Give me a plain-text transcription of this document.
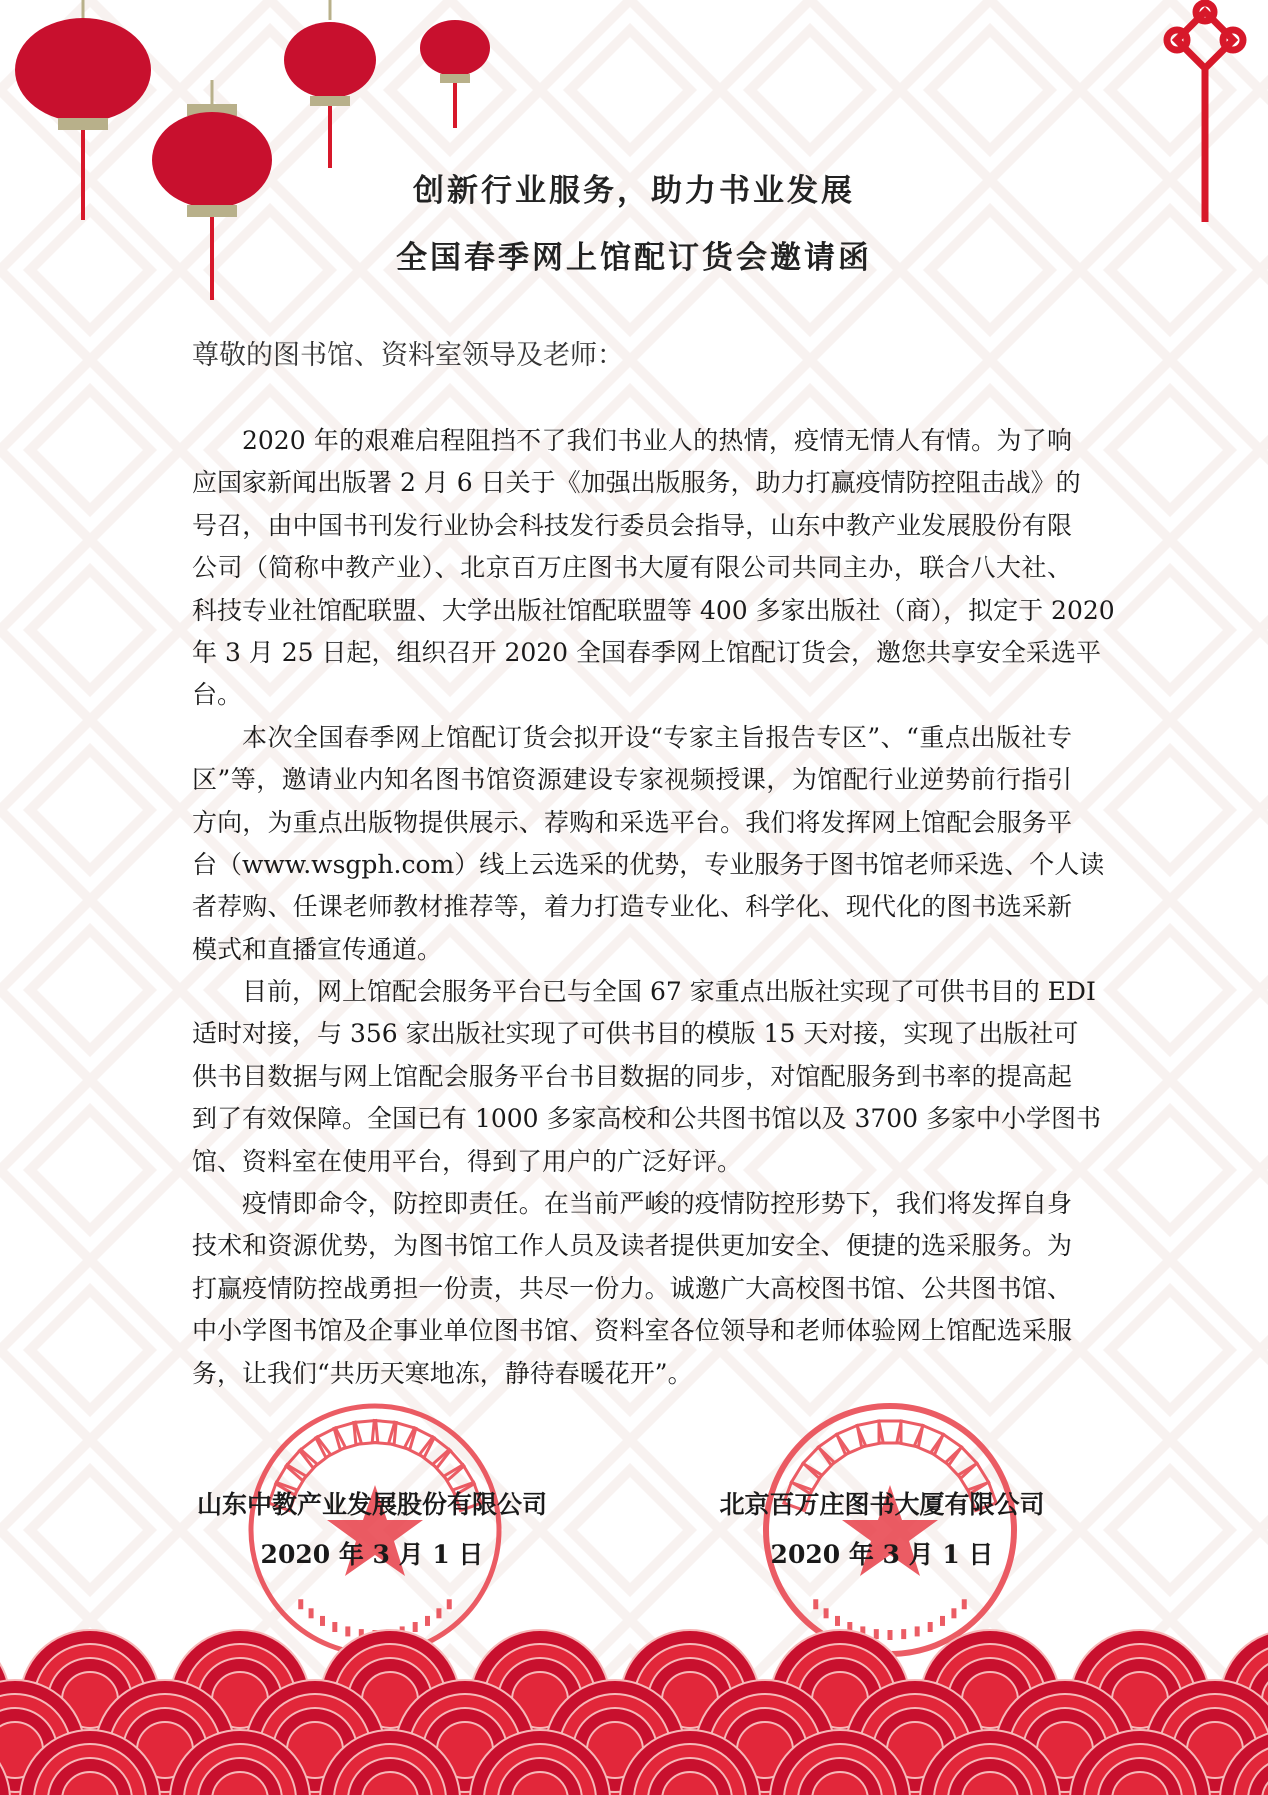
创新行业服务，助力书业发展
全国春季网上馆配订货会邀请函
尊敬的图书馆、资料室领导及老师：
2020 年的艰难启程阻挡不了我们书业人的热情，疫情无情人有情。为了响
应国家新闻出版署 2 月 6 日关于《加强出版服务，助力打赢疫情防控阻击战》的
号召，由中国书刊发行业协会科技发行委员会指导，山东中教产业发展股份有限
公司（简称中教产业）、北京百万庄图书大厦有限公司共同主办，联合八大社、
科技专业社馆配联盟、大学出版社馆配联盟等 400 多家出版社（商），拟定于 2020
年 3 月 25 日起，组织召开 2020 全国春季网上馆配订货会，邀您共享安全采选平
台。
本次全国春季网上馆配订货会拟开设“专家主旨报告专区”、“重点出版社专
区”等，邀请业内知名图书馆资源建设专家视频授课，为馆配行业逆势前行指引
方向，为重点出版物提供展示、荐购和采选平台。我们将发挥网上馆配会服务平
台（www.wsgph.com）线上云选采的优势，专业服务于图书馆老师采选、个人读
者荐购、任课老师教材推荐等，着力打造专业化、科学化、现代化的图书选采新
模式和直播宣传通道。
目前，网上馆配会服务平台已与全国 67 家重点出版社实现了可供书目的 EDI
适时对接，与 356 家出版社实现了可供书目的模版 15 天对接，实现了出版社可
供书目数据与网上馆配会服务平台书目数据的同步，对馆配服务到书率的提高起
到了有效保障。全国已有 1000 多家高校和公共图书馆以及 3700 多家中小学图书
馆、资料室在使用平台，得到了用户的广泛好评。
疫情即命令，防控即责任。在当前严峻的疫情防控形势下，我们将发挥自身
技术和资源优势，为图书馆工作人员及读者提供更加安全、便捷的选采服务。为
打赢疫情防控战勇担一份责，共尽一份力。诚邀广大高校图书馆、公共图书馆、
中小学图书馆及企事业单位图书馆、资料室各位领导和老师体验网上馆配选采服
务，让我们“共历天寒地冻，静待春暖花开”。
山东中教产业发展股份有限公司
2020 年 3 月 1 日
北京百万庄图书大厦有限公司
2020 年 3 月 1 日
